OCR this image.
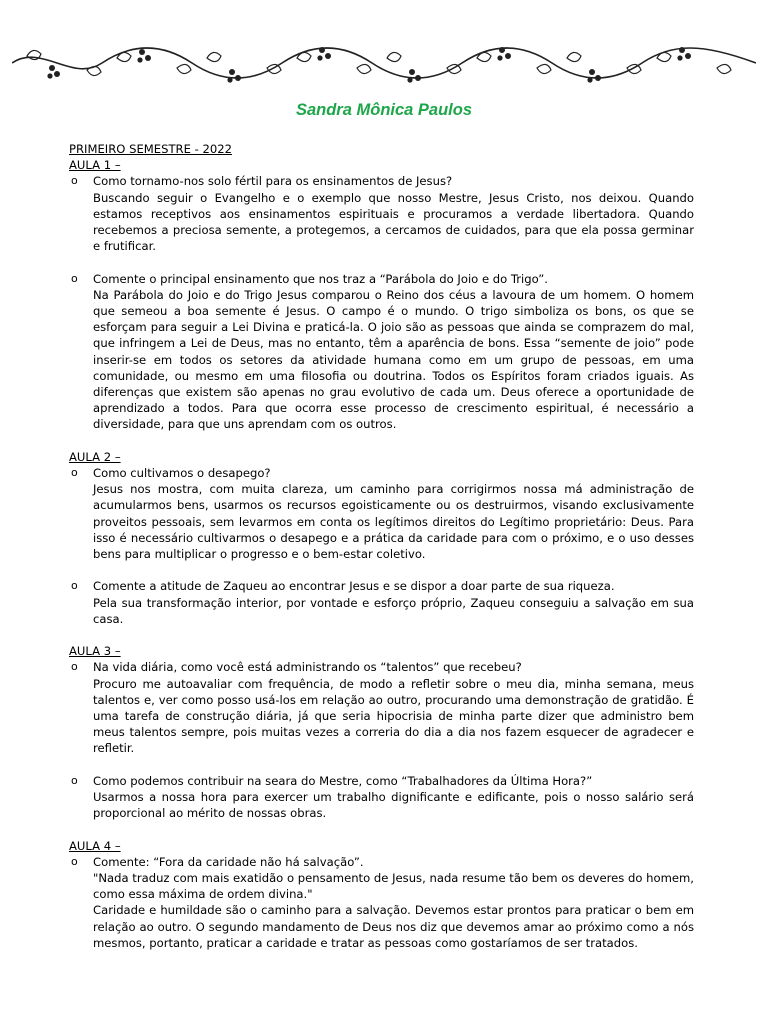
Sandra Mônica Paulos
PRIMEIRO SEMESTRE - 2022
AULA 1 –
o Como tornamo-nos solo fértil para os ensinamentos de Jesus?
Buscando seguir o Evangelho e o exemplo que nosso Mestre, Jesus Cristo, nos deixou. Quando estamos receptivos aos ensinamentos espirituais e procuramos a verdade libertadora. Quando recebemos a preciosa semente, a protegemos, a cercamos de cuidados, para que ela possa germinar e frutificar.
o Comente o principal ensinamento que nos traz a “Parábola do Joio e do Trigo”.
Na Parábola do Joio e do Trigo Jesus comparou o Reino dos céus a lavoura de um homem. O homem que semeou a boa semente é Jesus. O campo é o mundo. O trigo simboliza os bons, os que se esforçam para seguir a Lei Divina e praticá-la. O joio são as pessoas que ainda se comprazem do mal, que infringem a Lei de Deus, mas no entanto, têm a aparência de bons. Essa “semente de joio” pode inserir-se em todos os setores da atividade humana como em um grupo de pessoas, em uma comunidade, ou mesmo em uma filosofia ou doutrina. Todos os Espíritos foram criados iguais. As diferenças que existem são apenas no grau evolutivo de cada um. Deus oferece a oportunidade de aprendizado a todos. Para que ocorra esse processo de crescimento espiritual, é necessário a diversidade, para que uns aprendam com os outros.
AULA 2 –
o Como cultivamos o desapego?
Jesus nos mostra, com muita clareza, um caminho para corrigirmos nossa má administração de acumularmos bens, usarmos os recursos egoisticamente ou os destruirmos, visando exclusivamente proveitos pessoais, sem levarmos em conta os legítimos direitos do Legítimo proprietário: Deus. Para isso é necessário cultivarmos o desapego e a prática da caridade para com o próximo, e o uso desses bens para multiplicar o progresso e o bem-estar coletivo.
o Comente a atitude de Zaqueu ao encontrar Jesus e se dispor a doar parte de sua riqueza.
Pela sua transformação interior, por vontade e esforço próprio, Zaqueu conseguiu a salvação em sua casa.
AULA 3 –
o Na vida diária, como você está administrando os “talentos” que recebeu?
Procuro me autoavaliar com frequência, de modo a refletir sobre o meu dia, minha semana, meus talentos e, ver como posso usá-los em relação ao outro, procurando uma demonstração de gratidão. É uma tarefa de construção diária, já que seria hipocrisia de minha parte dizer que administro bem meus talentos sempre, pois muitas vezes a correria do dia a dia nos fazem esquecer de agradecer e refletir.
o Como podemos contribuir na seara do Mestre, como “Trabalhadores da Última Hora?”
Usarmos a nossa hora para exercer um trabalho dignificante e edificante, pois o nosso salário será proporcional ao mérito de nossas obras.
AULA 4 –
o Comente: “Fora da caridade não há salvação”.
"Nada traduz com mais exatidão o pensamento de Jesus, nada resume tão bem os deveres do homem, como essa máxima de ordem divina."
Caridade e humildade são o caminho para a salvação. Devemos estar prontos para praticar o bem em relação ao outro. O segundo mandamento de Deus nos diz que devemos amar ao próximo como a nós mesmos, portanto, praticar a caridade e tratar as pessoas como gostaríamos de ser tratados.
